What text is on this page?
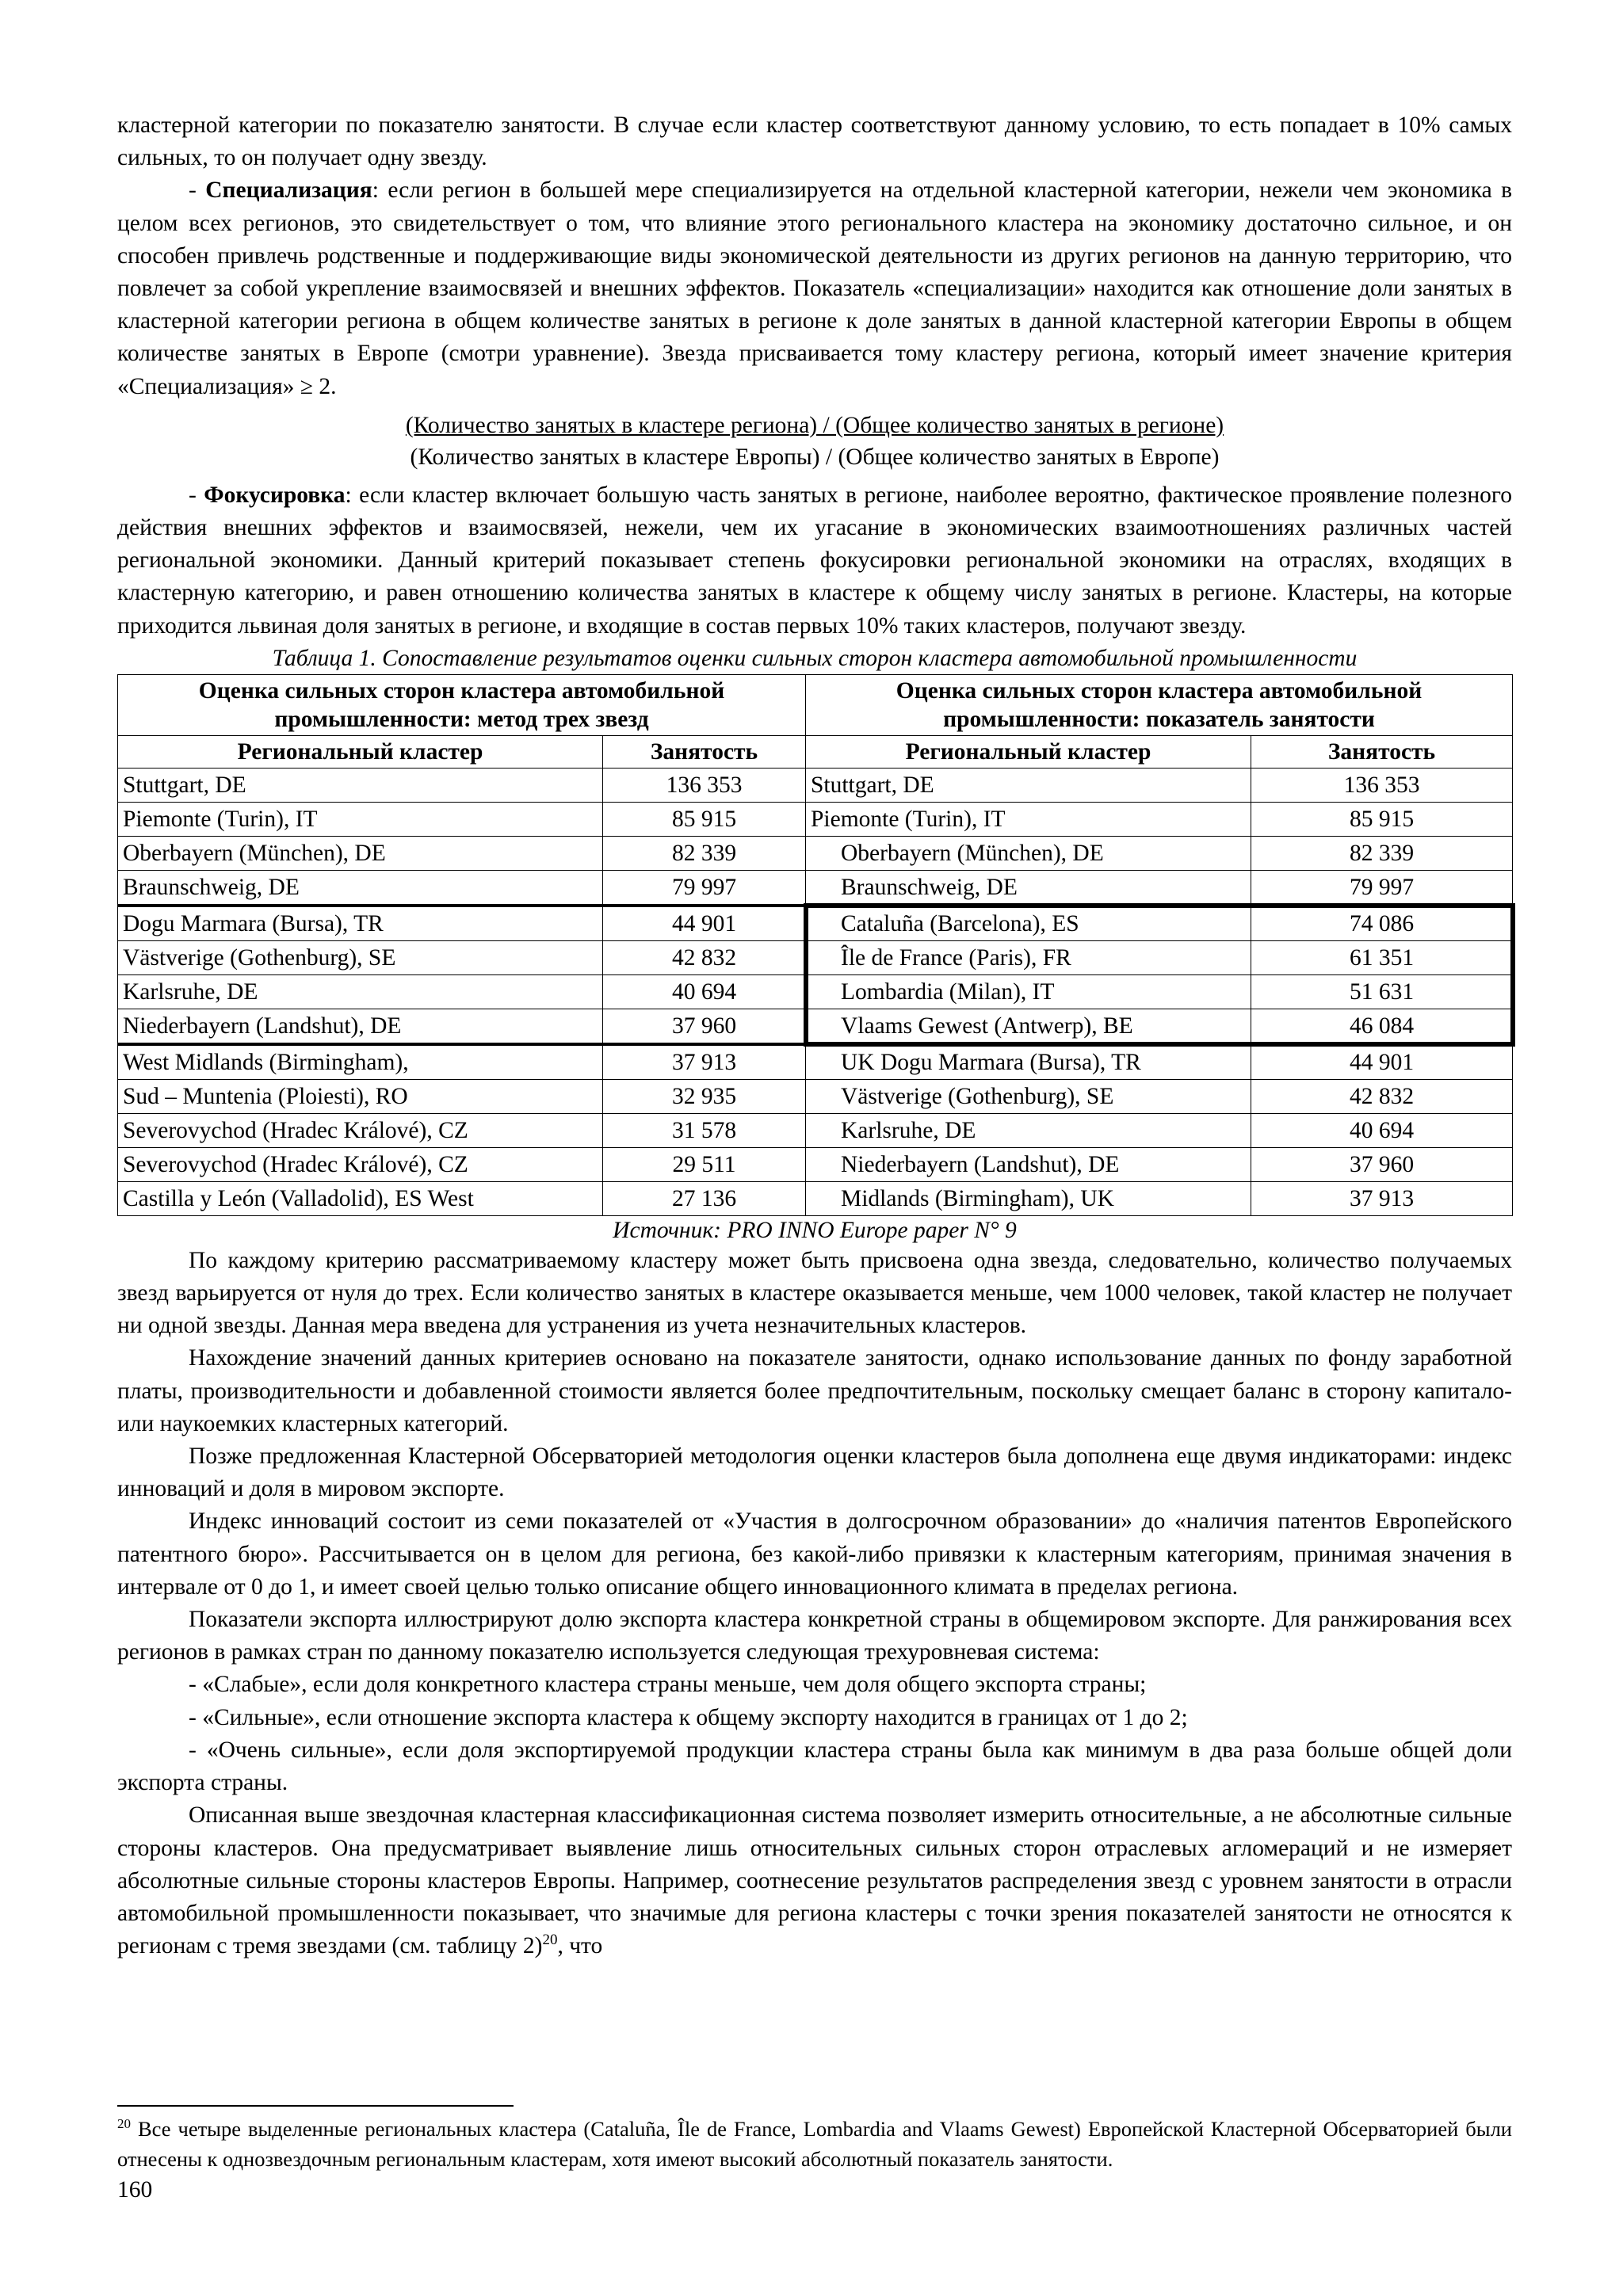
кластерной категории по показателю занятости. В случае если кластер соответствуют данному условию, то есть попадает в 10% самых сильных, то он получает одну звезду.

- Специализация: если регион в большей мере специализируется на отдельной кластерной категории, нежели чем экономика в целом всех регионов, это свидетельствует о том, что влияние этого регионального кластера на экономику достаточно сильное, и он способен привлечь родственные и поддерживающие виды экономической деятельности из других регионов на данную территорию, что повлечет за собой укрепление взаимосвязей и внешних эффектов. Показатель «специализации» находится как отношение доли занятых в кластерной категории региона в общем количестве занятых в регионе к доле занятых в данной кластерной категории Европы в общем количестве занятых в Европе (смотри уравнение). Звезда присваивается тому кластеру региона, который имеет значение критерия «Специализация» ≥ 2.

(Количество занятых в кластере региона) / (Общее количество занятых в регионе)
(Количество занятых в кластере Европы) / (Общее количество занятых в Европе)

- Фокусировка: если кластер включает большую часть занятых в регионе, наиболее вероятно, фактическое проявление полезного действия внешних эффектов и взаимосвязей, нежели, чем их угасание в экономических взаимоотношениях различных частей региональной экономики. Данный критерий показывает степень фокусировки региональной экономики на отраслях, входящих в кластерную категорию, и равен отношению количества занятых в кластере к общему числу занятых в регионе. Кластеры, на которые приходится львиная доля занятых в регионе, и входящие в состав первых 10% таких кластеров, получают звезду.

Таблица 1. Сопоставление результатов оценки сильных сторон кластера автомобильной промышленности
Оценка сильных сторон кластера автомобильной промышленности: метод трех звезд		Оценка сильных сторон кластера автомобильной промышленности: показатель занятости	
Региональный кластер	Занятость	Региональный кластер	Занятость
Stuttgart, DE	136 353	Stuttgart, DE	136 353
Piemonte (Turin), IT	85 915	Piemonte (Turin), IT	85 915
Oberbayern (München), DE	82 339	Oberbayern (München), DE	82 339
Braunschweig, DE	79 997	Braunschweig, DE	79 997
Dogu Marmara (Bursa), TR	44 901	Cataluña (Barcelona), ES	74 086
Västverige (Gothenburg), SE	42 832	Île de France (Paris), FR	61 351
Karlsruhe, DE	40 694	Lombardia (Milan), IT	51 631
Niederbayern (Landshut), DE	37 960	Vlaams Gewest (Antwerp), BE	46 084
West Midlands (Birmingham),	37 913	UK Dogu Marmara (Bursa), TR	44 901
Sud – Muntenia (Ploiesti), RO	32 935	Västverige (Gothenburg), SE	42 832
Severovychod (Hradec Králové), CZ	31 578	Karlsruhe, DE	40 694
Severovychod (Hradec Králové), CZ	29 511	Niederbayern (Landshut), DE	37 960
Castilla y León (Valladolid), ES West	27 136	Midlands (Birmingham), UK	37 913
Источник: PRO INNO Europe paper N° 9

По каждому критерию рассматриваемому кластеру может быть присвоена одна звезда, следовательно, количество получаемых звезд варьируется от нуля до трех. Если количество занятых в кластере оказывается меньше, чем 1000 человек, такой кластер не получает ни одной звезды. Данная мера введена для устранения из учета незначительных кластеров.

Нахождение значений данных критериев основано на показателе занятости, однако использование данных по фонду заработной платы, производительности и добавленной стоимости является более предпочтительным, поскольку смещает баланс в сторону капитало- или наукоемких кластерных категорий.

Позже предложенная Кластерной Обсерваторией методология оценки кластеров была дополнена еще двумя индикаторами: индекс инноваций и доля в мировом экспорте.

Индекс инноваций состоит из семи показателей от «Участия в долгосрочном образовании» до «наличия патентов Европейского патентного бюро». Рассчитывается он в целом для региона, без какой-либо привязки к кластерным категориям, принимая значения в интервале от 0 до 1, и имеет своей целью только описание общего инновационного климата в пределах региона.

Показатели экспорта иллюстрируют долю экспорта кластера конкретной страны в общемировом экспорте. Для ранжирования всех регионов в рамках стран по данному показателю используется следующая трехуровневая система:

- «Слабые», если доля конкретного кластера страны меньше, чем доля общего экспорта страны;

- «Сильные», если отношение экспорта кластера к общему экспорту находится в границах от 1 до 2;

- «Очень сильные», если доля экспортируемой продукции кластера страны была как минимум в два раза больше общей доли экспорта страны.

Описанная выше звездочная кластерная классификационная система позволяет измерить относительные, а не абсолютные сильные стороны кластеров. Она предусматривает выявление лишь относительных сильных сторон отраслевых агломераций и не измеряет абсолютные сильные стороны кластеров Европы. Например, соотнесение результатов распределения звезд с уровнем занятости в отрасли автомобильной промышленности показывает, что значимые для региона кластеры с точки зрения показателей занятости не относятся к регионам с тремя звездами (см. таблицу 2)$^{20}$, что

$^{20}$ Все четыре выделенные региональных кластера (Cataluña, Île de France, Lombardia and Vlaams Gewest) Европейской Кластерной Обсерваторией были отнесены к однозвездочным региональным кластерам, хотя имеют высокий абсолютный показатель занятости.
160
